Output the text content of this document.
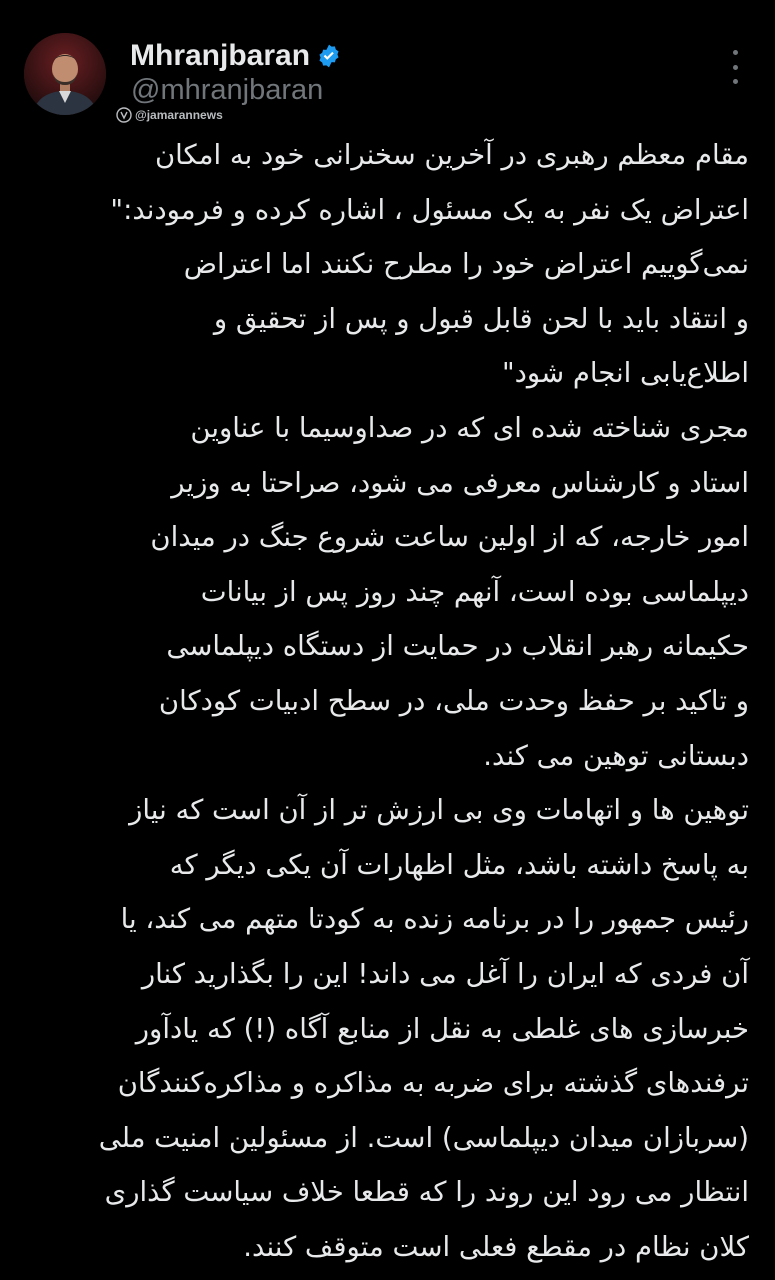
Mhranjbaran
@mhranjbaran
@jamarannews
مقام معظم رهبری در آخرین سخنرانی خود به امکان
اعتراض یک نفر به یک مسئول ، اشاره کرده و فرمودند:"
نمی‌گوییم اعتراض خود را مطرح نکنند اما اعتراض
و انتقاد باید با لحن قابل قبول و پس از تحقیق و
اطلاع‌یابی انجام شود"
مجری شناخته شده ای که در صداوسیما با عناوین
استاد و کارشناس معرفی می شود، صراحتا به وزیر
امور خارجه، که از اولین ساعت شروع جنگ در میدان
دیپلماسی بوده است، آنهم چند روز پس از بیانات
حکیمانه رهبر انقلاب در حمایت از دستگاه دیپلماسی
و تاکید بر حفظ وحدت ملی، در سطح ادبیات کودکان
دبستانی توهین می کند.
توهین ها و اتهامات وی بی ارزش تر از آن است که نیاز
به پاسخ داشته باشد، مثل اظهارات آن یکی دیگر که
رئیس جمهور را در برنامه زنده به کودتا متهم می کند، یا
آن فردی که ایران را آغل می داند! این را بگذارید کنار
خبرسازی های غلطی به نقل از منابع آگاه (!) که یادآور
ترفندهای گذشته برای ضربه به مذاکره و مذاکره‌کنندگان
(سربازان میدان دیپلماسی) است. از مسئولین امنیت ملی
انتظار می رود این روند را که قطعا خلاف سیاست گذاری
کلان نظام در مقطع فعلی است متوقف کنند.
